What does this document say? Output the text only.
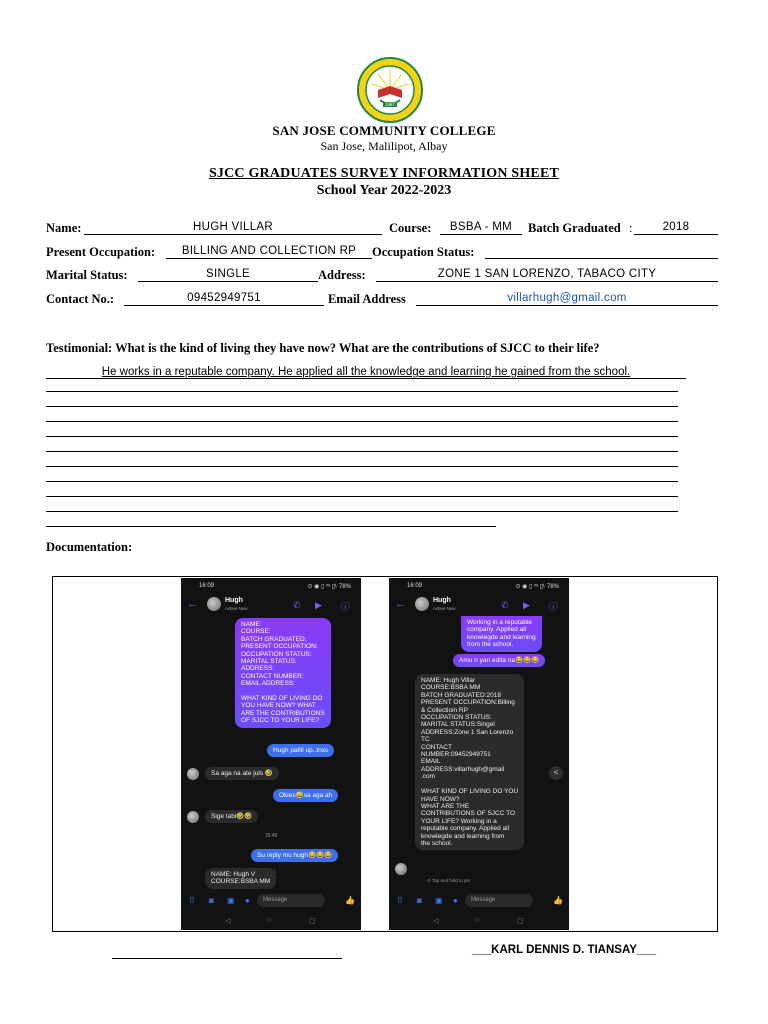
1987
SAN JOSE COMMUNITY COLLEGE
San Jose, Malilipot, Albay
SJCC GRADUATES SURVEY INFORMATION SHEET
School Year 2022-2023
Name:	HUGH VILLAR	Course:	BSBA - MM	Batch Graduated :	2018
Present Occupation:	BILLING AND COLLECTION RP	Occupation Status:
Marital Status:	SINGLE	Address:	ZONE 1 SAN LORENZO, TABACO CITY
Contact No.:	09452949751	Email Address	villarhugh@gmail.com
Testimonial: What is the kind of living they have now? What are the contributions of SJCC to their life?
He works in a reputable company. He applied all the knowledge and learning he gained from the school.
Documentation:
16:09	⊙ ◉ ▯ ᵛᵒ ▯ᴸ 78%
←	Hugh
Active Now	✆ ▶ ⓘ
NAME:
COURSE:
BATCH GRADUATED:
PRESENT OCCUPATION:
OCCUPATION STATUS:
MARITAL STATUS:
ADDRESS:
CONTACT NUMBER:
EMAIL ADDRESS:

WHAT KIND OF LIVING DO
YOU HAVE NOW? WHAT
ARE THE CONTRIBUTIONS
OF SJCC TO YOUR LIFE?
Hugh pafill up..tnxs
Sa aga na ate juls 🤣
Okies😅sa aga ah
Sige tabi🤣🤣
15:49
Su reply mu hugh😂😂😂
NAME: Hugh V
COURSE:BSBA MM
↓
⠿ ◙ ▣ ●	Message	👍
◁	○	▢
16:09	⊙ ◉ ▯ ᵛᵒ ▯ᴸ 78%
←	Hugh
Active Now	✆ ▶ ⓘ
Working in a reputable
company. Applied all
knowlegde and learning
from the school.
Amu n yan edita na😂😂😂
NAME: Hugh Villar
COURSE:BSBA MM
BATCH GRADUATED:2018
PRESENT OCCUPATION:Billing
& Collectioin RP
OCCUPATION STATUS:
MARITAL STATUS:Singel
ADDRESS:Zone 1 San Lorenzo
TC
CONTACT
NUMBER:09452949751
EMAIL
ADDRESS:villarhugh@gmail
.com

WHAT KIND OF LIVING DO YOU
HAVE NOW?
WHAT ARE THE
CONTRIBUTIONS OF SJCC TO
YOUR LIFE? Working in a
reputable company. Applied all
knowlegde and learning from
the school.
<
⊙ Tap and hold to pin
⠿ ◙ ▣ ●	Message	👍
◁	○	▢
___KARL DENNIS D. TIANSAY___
